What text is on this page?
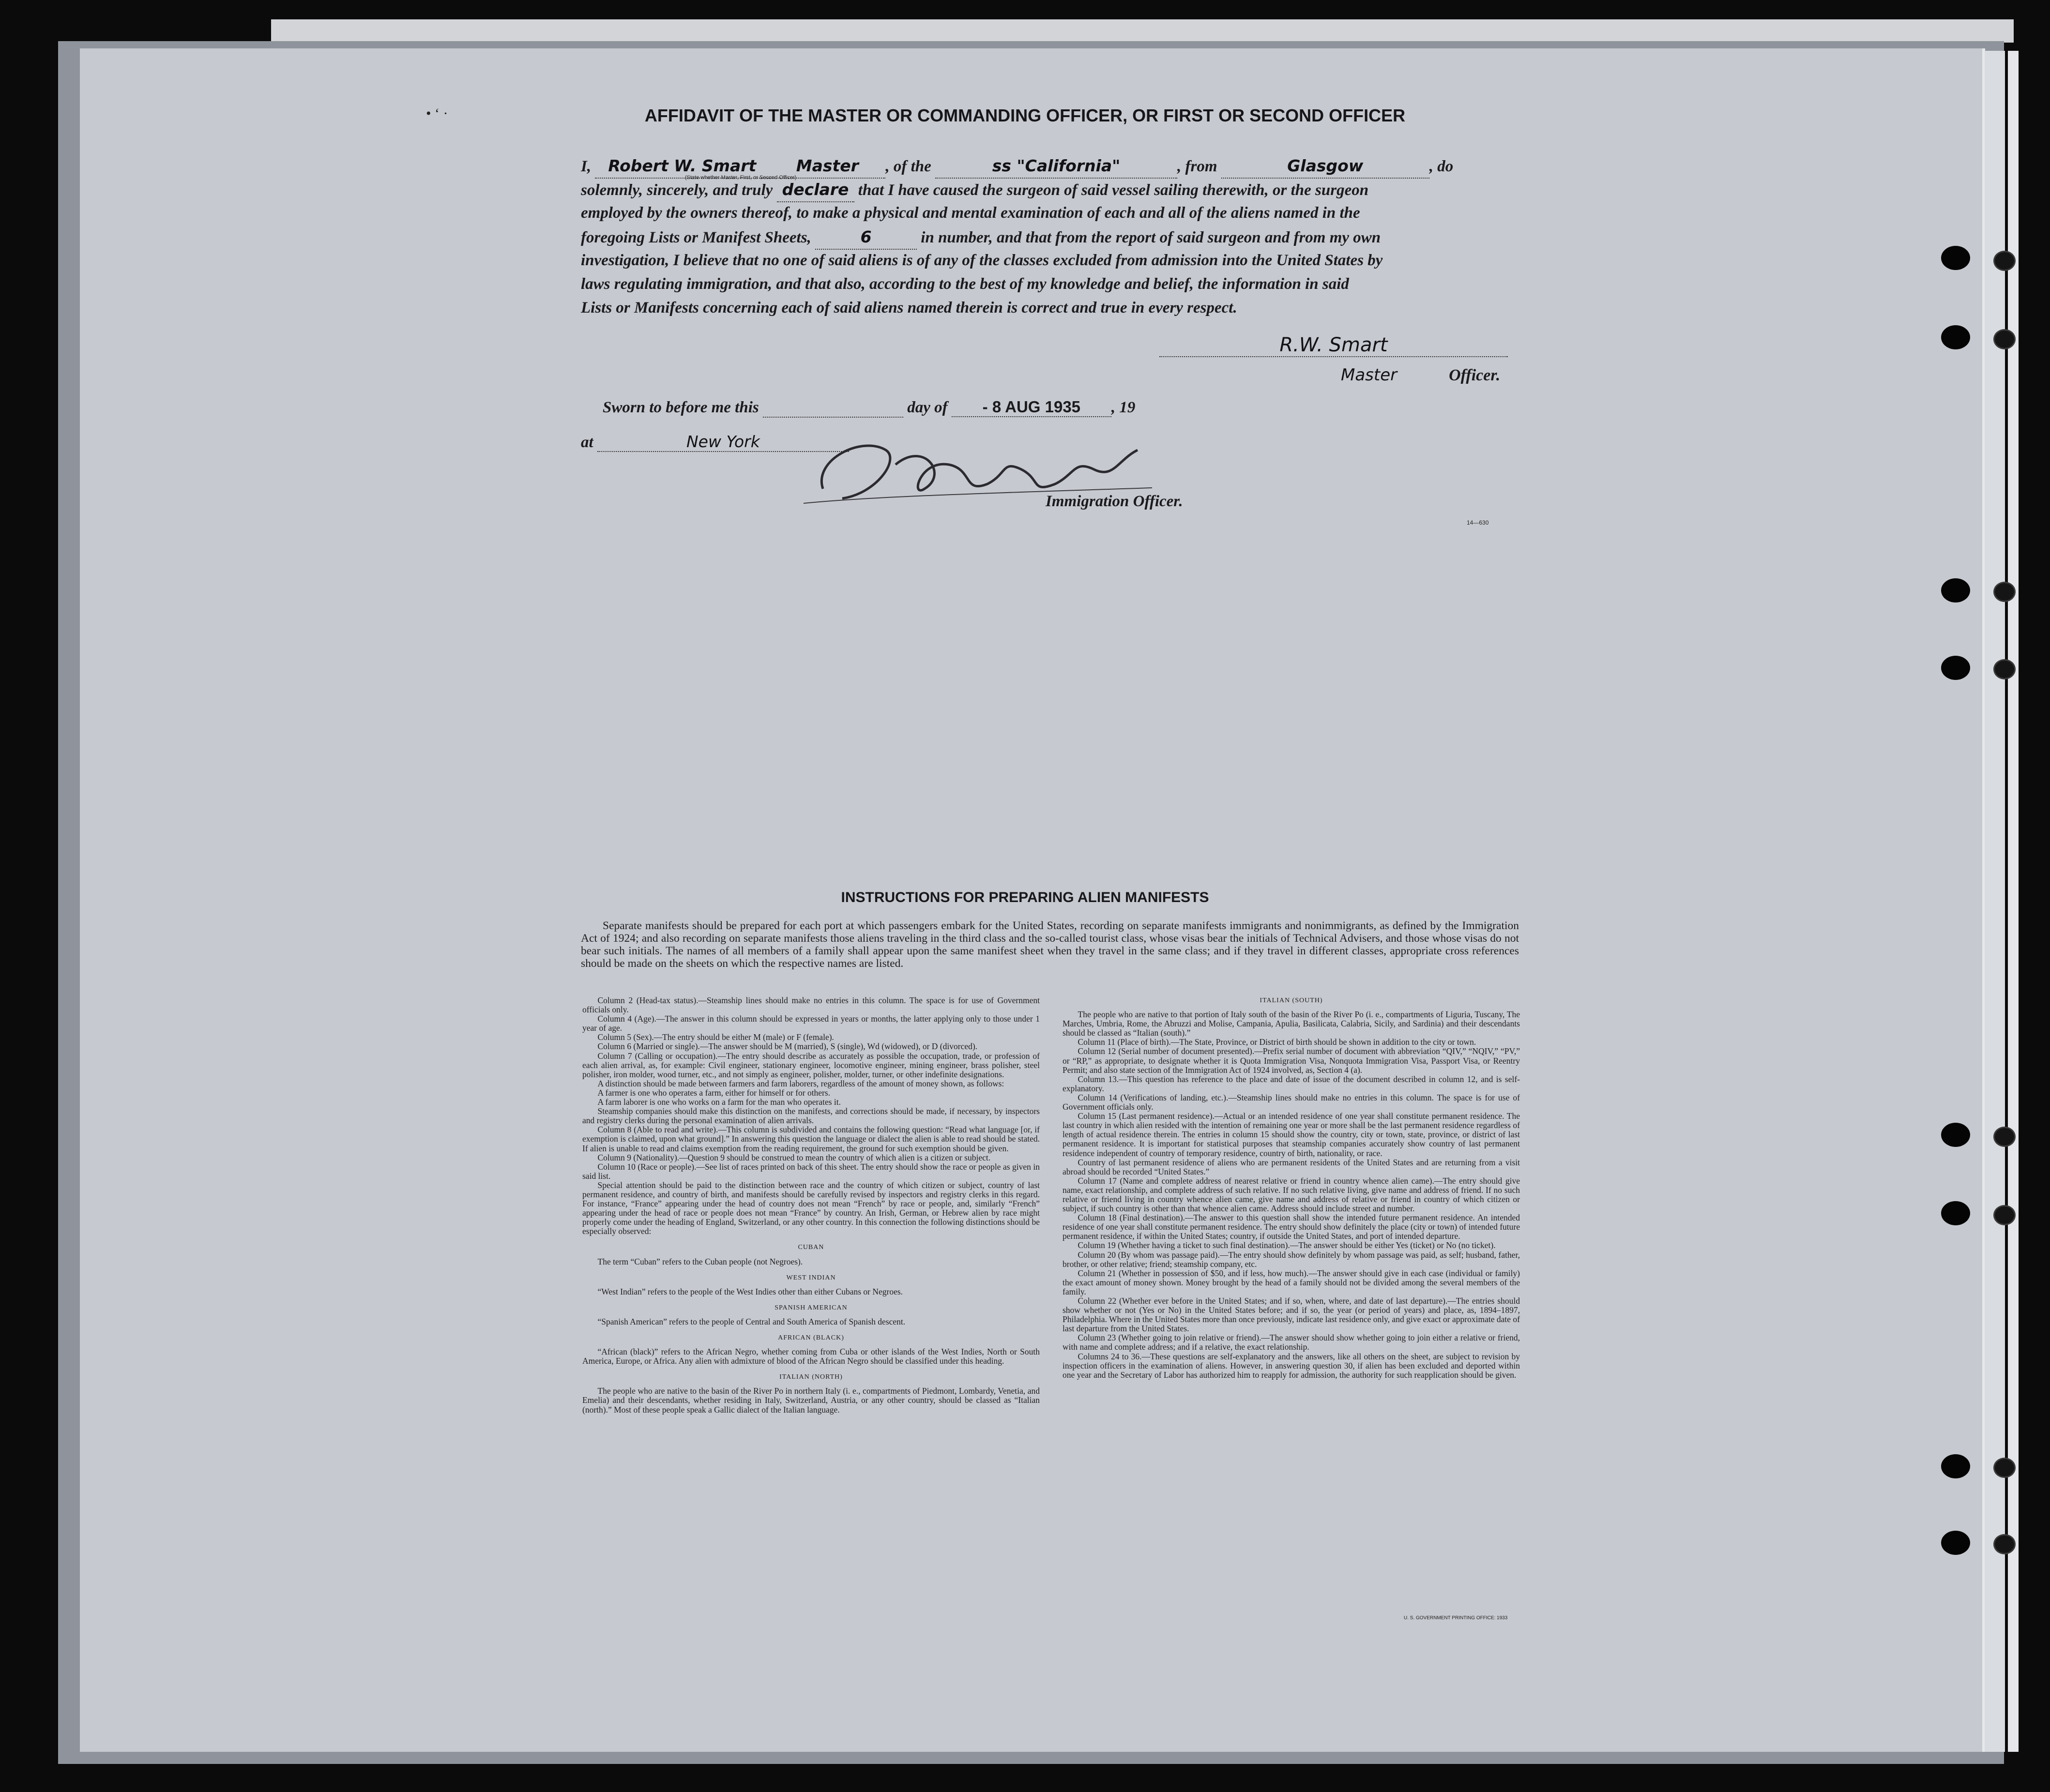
• ‘ ·	AFFIDAVIT OF THE MASTER OR COMMANDING OFFICER, OR FIRST OR SECOND OFFICER
I, Robert W. Smart Master , of the	ss "California"	, from	Glasgow	, do
solemnly, sincerely, and truly declare that I have caused the surgeon of said vessel sailing therewith, or the surgeon
employed by the owners thereof, to make a physical and mental examination of each and all of the aliens named in the
foregoing Lists or Manifest Sheets,	6	in number, and that from the report of said surgeon and from my own
investigation, I believe that no one of said aliens is of any of the classes excluded from admission into the United States by
laws regulating immigration, and that also, according to the best of my knowledge and belief, the information in said
Lists or Manifests concerning each of said aliens named therein is correct and true in every respect.
(State whether Master, First, or Second Officer)
R.W. Smart
Master	Officer.
Sworn to before me this	day of - 8 AUG 1935 , 19
at	New York
Immigration Officer.
14—630
INSTRUCTIONS FOR PREPARING ALIEN MANIFESTS
Separate manifests should be prepared for each port at which passengers embark for the United States, recording on separate manifests immigrants and nonimmigrants, as defined by the Immigration Act of 1924; and also recording on separate manifests those aliens traveling in the third class and the so-called tourist class, whose visas bear the initials of Technical Advisers, and those whose visas do not bear such initials. The names of all members of a family shall appear upon the same manifest sheet when they travel in the same class; and if they travel in different classes, appropriate cross references should be made on the sheets on which the respective names are listed.

Column 2 (Head-tax status).—Steamship lines should make no entries in this column. The space is for use of Government officials only.

Column 4 (Age).—The answer in this column should be expressed in years or months, the latter applying only to those under 1 year of age.

Column 5 (Sex).—The entry should be either M (male) or F (female).

Column 6 (Married or single).—The answer should be M (married), S (single), Wd (widowed), or D (divorced).

Column 7 (Calling or occupation).—The entry should describe as accurately as possible the occupation, trade, or profession of each alien arrival, as, for example: Civil engineer, stationary engineer, locomotive engineer, mining engineer, brass polisher, steel polisher, iron molder, wood turner, etc., and not simply as engineer, polisher, molder, turner, or other indefinite designations.

A distinction should be made between farmers and farm laborers, regardless of the amount of money shown, as follows:

A farmer is one who operates a farm, either for himself or for others.

A farm laborer is one who works on a farm for the man who operates it.

Steamship companies should make this distinction on the manifests, and corrections should be made, if necessary, by inspectors and registry clerks during the personal examination of alien arrivals.

Column 8 (Able to read and write).—This column is subdivided and contains the following question: “Read what language [or, if exemption is claimed, upon what ground].” In answering this question the language or dialect the alien is able to read should be stated. If alien is unable to read and claims exemption from the reading requirement, the ground for such exemption should be given.

Column 9 (Nationality).—Question 9 should be construed to mean the country of which alien is a citizen or subject.

Column 10 (Race or people).—See list of races printed on back of this sheet. The entry should show the race or people as given in said list.

Special attention should be paid to the distinction between race and the country of which citizen or subject, country of last permanent residence, and country of birth, and manifests should be carefully revised by inspectors and registry clerks in this regard. For instance, “France” appearing under the head of country does not mean “French” by race or people, and, similarly “French” appearing under the head of race or people does not mean “France” by country. An Irish, German, or Hebrew alien by race might properly come under the heading of England, Switzerland, or any other country. In this connection the following distinctions should be especially observed:

CUBAN

The term “Cuban” refers to the Cuban people (not Negroes).

WEST INDIAN

“West Indian” refers to the people of the West Indies other than either Cubans or Negroes.

SPANISH AMERICAN

“Spanish American” refers to the people of Central and South America of Spanish descent.

AFRICAN (BLACK)

“African (black)” refers to the African Negro, whether coming from Cuba or other islands of the West Indies, North or South America, Europe, or Africa. Any alien with admixture of blood of the African Negro should be classified under this heading.

ITALIAN (NORTH)

The people who are native to the basin of the River Po in northern Italy (i. e., compartments of Piedmont, Lombardy, Venetia, and Emelia) and their descendants, whether residing in Italy, Switzerland, Austria, or any other country, should be classed as “Italian (north).” Most of these people speak a Gallic dialect of the Italian language.

ITALIAN (SOUTH)

The people who are native to that portion of Italy south of the basin of the River Po (i. e., compartments of Liguria, Tuscany, The Marches, Umbria, Rome, the Abruzzi and Molise, Campania, Apulia, Basilicata, Calabria, Sicily, and Sardinia) and their descendants should be classed as “Italian (south).”

Column 11 (Place of birth).—The State, Province, or District of birth should be shown in addition to the city or town.

Column 12 (Serial number of document presented).—Prefix serial number of document with abbreviation “QIV,” “NQIV,” “PV,” or “RP,” as appropriate, to designate whether it is Quota Immigration Visa, Nonquota Immigration Visa, Passport Visa, or Reentry Permit; and also state section of the Immigration Act of 1924 involved, as, Section 4 (a).

Column 13.—This question has reference to the place and date of issue of the document described in column 12, and is self-explanatory.

Column 14 (Verifications of landing, etc.).—Steamship lines should make no entries in this column. The space is for use of Government officials only.

Column 15 (Last permanent residence).—Actual or an intended residence of one year shall constitute permanent residence. The last country in which alien resided with the intention of remaining one year or more shall be the last permanent residence regardless of length of actual residence therein. The entries in column 15 should show the country, city or town, state, province, or district of last permanent residence. It is important for statistical purposes that steamship companies accurately show country of last permanent residence independent of country of temporary residence, country of birth, nationality, or race.

Country of last permanent residence of aliens who are permanent residents of the United States and are returning from a visit abroad should be recorded “United States.”

Column 17 (Name and complete address of nearest relative or friend in country whence alien came).—The entry should give name, exact relationship, and complete address of such relative. If no such relative living, give name and address of friend. If no such relative or friend living in country whence alien came, give name and address of relative or friend in country of which citizen or subject, if such country is other than that whence alien came. Address should include street and number.

Column 18 (Final destination).—The answer to this question shall show the intended future permanent residence. An intended residence of one year shall constitute permanent residence. The entry should show definitely the place (city or town) of intended future permanent residence, if within the United States; country, if outside the United States, and port of intended departure.

Column 19 (Whether having a ticket to such final destination).—The answer should be either Yes (ticket) or No (no ticket).

Column 20 (By whom was passage paid).—The entry should show definitely by whom passage was paid, as self; husband, father, brother, or other relative; friend; steamship company, etc.

Column 21 (Whether in possession of $50, and if less, how much).—The answer should give in each case (individual or family) the exact amount of money shown. Money brought by the head of a family should not be divided among the several members of the family.

Column 22 (Whether ever before in the United States; and if so, when, where, and date of last departure).—The entries should show whether or not (Yes or No) in the United States before; and if so, the year (or period of years) and place, as, 1894–1897, Philadelphia. Where in the United States more than once previously, indicate last residence only, and give exact or approximate date of last departure from the United States.

Column 23 (Whether going to join relative or friend).—The answer should show whether going to join either a relative or friend, with name and complete address; and if a relative, the exact relationship.

Columns 24 to 36.—These questions are self-explanatory and the answers, like all others on the sheet, are subject to revision by inspection officers in the examination of aliens. However, in answering question 30, if alien has been excluded and deported within one year and the Secretary of Labor has authorized him to reapply for admission, the authority for such reapplication should be given.

U. S. GOVERNMENT PRINTING OFFICE: 1933
